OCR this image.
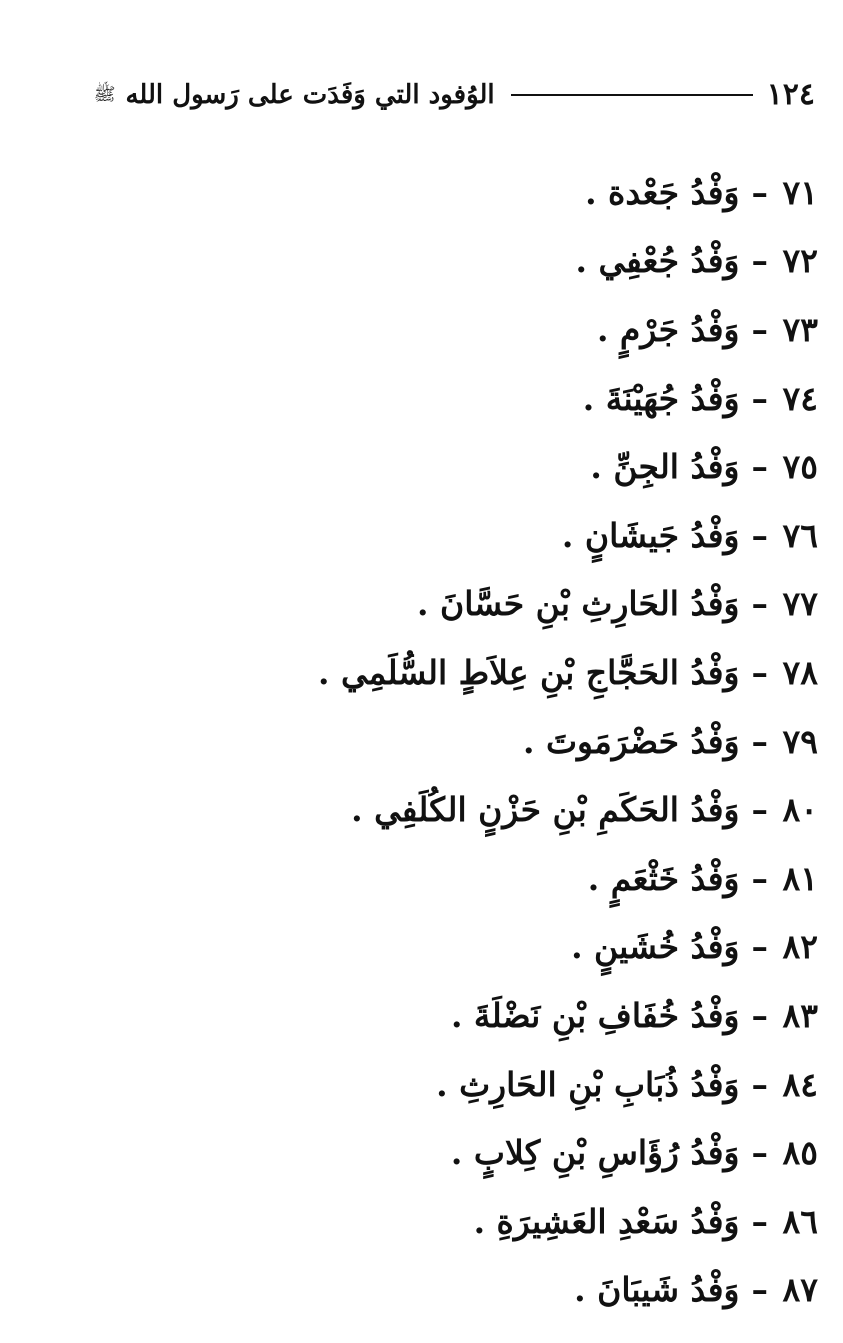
١٢٤
الوُفود التي وَفَدَت على رَسول الله
ﷺ
٧١
–
وَفْدُ جَعْدة .
٧٢
–
وَفْدُ جُعْفِي .
٧٣
–
وَفْدُ جَرْمٍ .
٧٤
–
وَفْدُ جُهَيْنَةَ .
٧٥
–
وَفْدُ الجِنِّ .
٧٦
–
وَفْدُ جَيشَانٍ .
٧٧
–
وَفْدُ الحَارِثِ بْنِ حَسَّانَ .
٧٨
–
وَفْدُ الحَجَّاجِ بْنِ عِلاَطٍ السُّلَمِي .
٧٩
–
وَفْدُ حَضْرَمَوتَ .
٨٠
–
وَفْدُ الحَكَمِ بْنِ حَزْنٍ الكُلَفِي .
٨١
–
وَفْدُ خَثْعَمٍ .
٨٢
–
وَفْدُ خُشَينٍ .
٨٣
–
وَفْدُ خُفَافِ بْنِ نَضْلَةَ .
٨٤
–
وَفْدُ ذُبَابِ بْنِ الحَارِثِ .
٨٥
–
وَفْدُ رُؤَاسِ بْنِ كِلابٍ .
٨٦
–
وَفْدُ سَعْدِ العَشِيرَةِ .
٨٧
–
وَفْدُ شَيبَانَ .
